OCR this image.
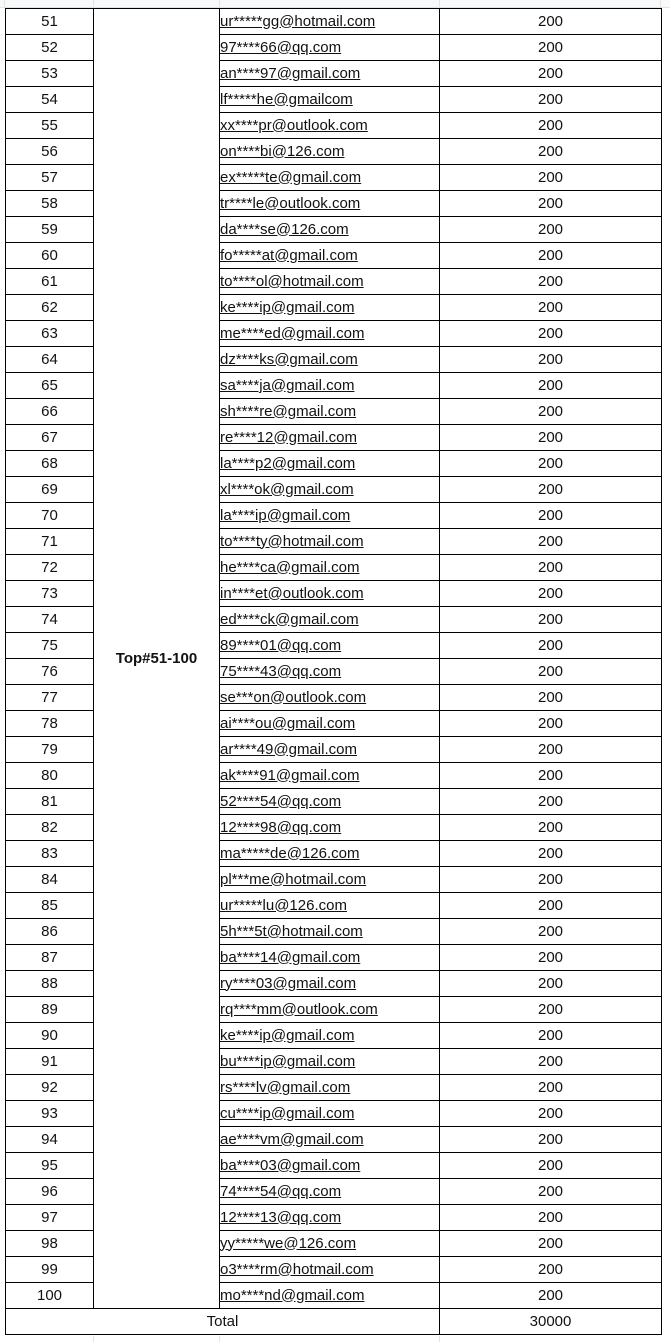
51	Top#51-100	ur*****gg@hotmail.com	200
52		97****66@qq.com	200
53		an****97@gmail.com	200
54		lf*****he@gmailcom	200
55		xx****pr@outlook.com	200
56		on****bi@126.com	200
57		ex*****te@gmail.com	200
58		tr****le@outlook.com	200
59		da****se@126.com	200
60		fo*****at@gmail.com	200
61		to****ol@hotmail.com	200
62		ke****ip@gmail.com	200
63		me****ed@gmail.com	200
64		dz****ks@gmail.com	200
65		sa****ja@gmail.com	200
66		sh****re@gmail.com	200
67		re****12@gmail.com	200
68		la****p2@gmail.com	200
69		xl****ok@gmail.com	200
70		la****ip@gmail.com	200
71		to****ty@hotmail.com	200
72		he****ca@gmail.com	200
73		in****et@outlook.com	200
74		ed****ck@gmail.com	200
75		89****01@qq.com	200
76		75****43@qq.com	200
77		se***on@outlook.com	200
78		ai****ou@gmail.com	200
79		ar****49@gmail.com	200
80		ak****91@gmail.com	200
81		52****54@qq.com	200
82		12****98@qq.com	200
83		ma*****de@126.com	200
84		pl***me@hotmail.com	200
85		ur*****lu@126.com	200
86		5h***5t@hotmail.com	200
87		ba****14@gmail.com	200
88		ry****03@gmail.com	200
89		rq****mm@outlook.com	200
90		ke****ip@gmail.com	200
91		bu****ip@gmail.com	200
92		rs****lv@gmail.com	200
93		cu****ip@gmail.com	200
94		ae****vm@gmail.com	200
95		ba****03@gmail.com	200
96		74****54@qq.com	200
97		12****13@qq.com	200
98		yy*****we@126.com	200
99		o3****rm@hotmail.com	200
100		mo****nd@gmail.com	200
Total			30000
